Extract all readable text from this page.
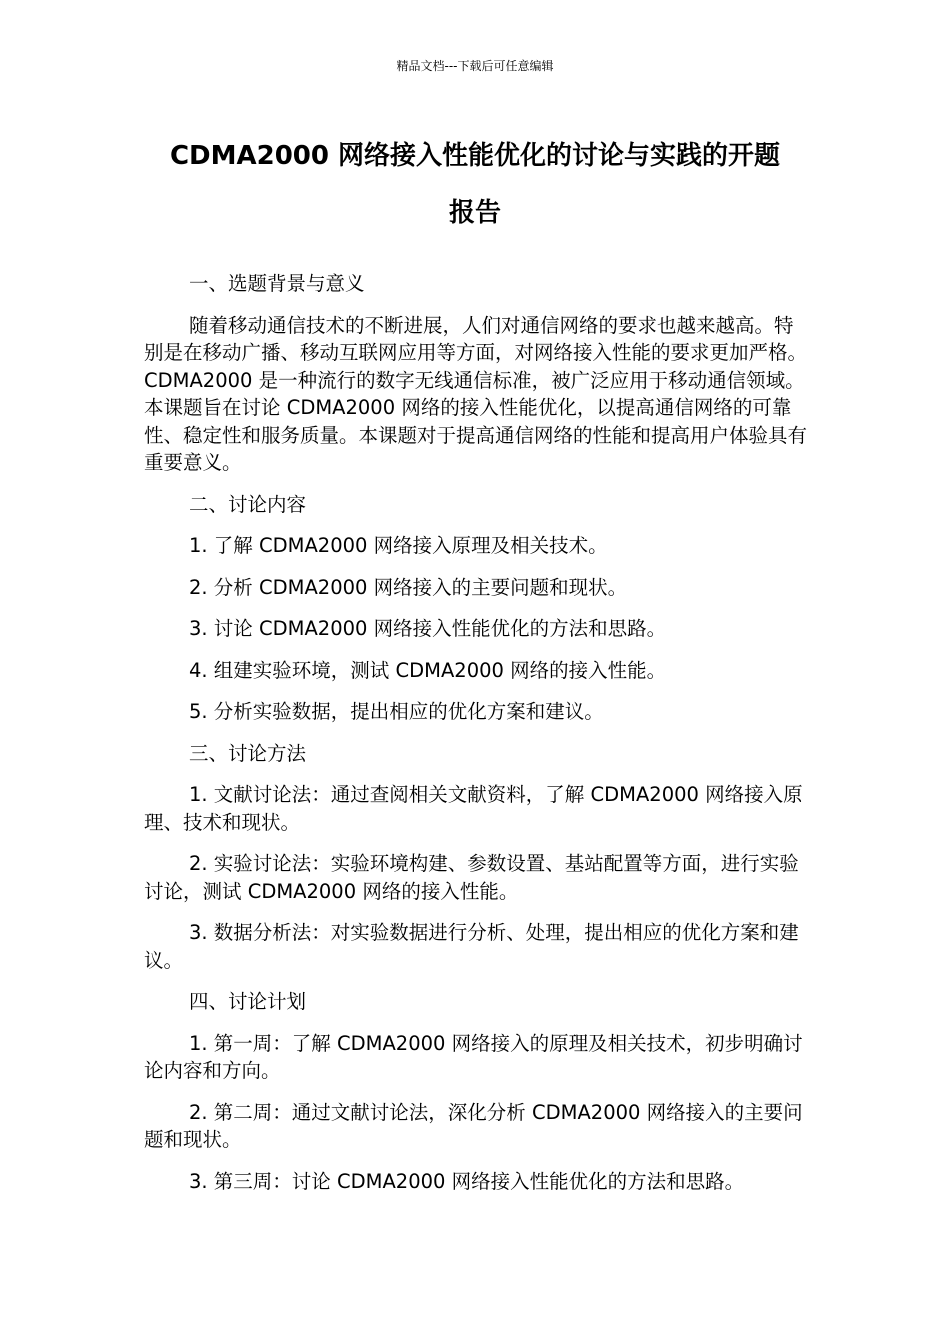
精品文档---下载后可任意编辑
CDMA2000 网络接入性能优化的讨论与实践的开题
报告

一、选题背景与意义

随着移动通信技术的不断进展，人们对通信网络的要求也越来越高。特别是在移动广播、移动互联网应用等方面，对网络接入性能的要求更加严格。CDMA2000 是一种流行的数字无线通信标准，被广泛应用于移动通信领域。本课题旨在讨论 CDMA2000 网络的接入性能优化，以提高通信网络的可靠性、稳定性和服务质量。本课题对于提高通信网络的性能和提高用户体验具有重要意义。

二、讨论内容

1. 了解 CDMA2000 网络接入原理及相关技术。

2. 分析 CDMA2000 网络接入的主要问题和现状。

3. 讨论 CDMA2000 网络接入性能优化的方法和思路。

4. 组建实验环境，测试 CDMA2000 网络的接入性能。

5. 分析实验数据，提出相应的优化方案和建议。

三、讨论方法

1. 文献讨论法：通过查阅相关文献资料，了解 CDMA2000 网络接入原理、技术和现状。

2. 实验讨论法：实验环境构建、参数设置、基站配置等方面，进行实验讨论，测试 CDMA2000 网络的接入性能。

3. 数据分析法：对实验数据进行分析、处理，提出相应的优化方案和建议。

四、讨论计划

1. 第一周：了解 CDMA2000 网络接入的原理及相关技术，初步明确讨论内容和方向。

2. 第二周：通过文献讨论法，深化分析 CDMA2000 网络接入的主要问题和现状。

3. 第三周：讨论 CDMA2000 网络接入性能优化的方法和思路。
